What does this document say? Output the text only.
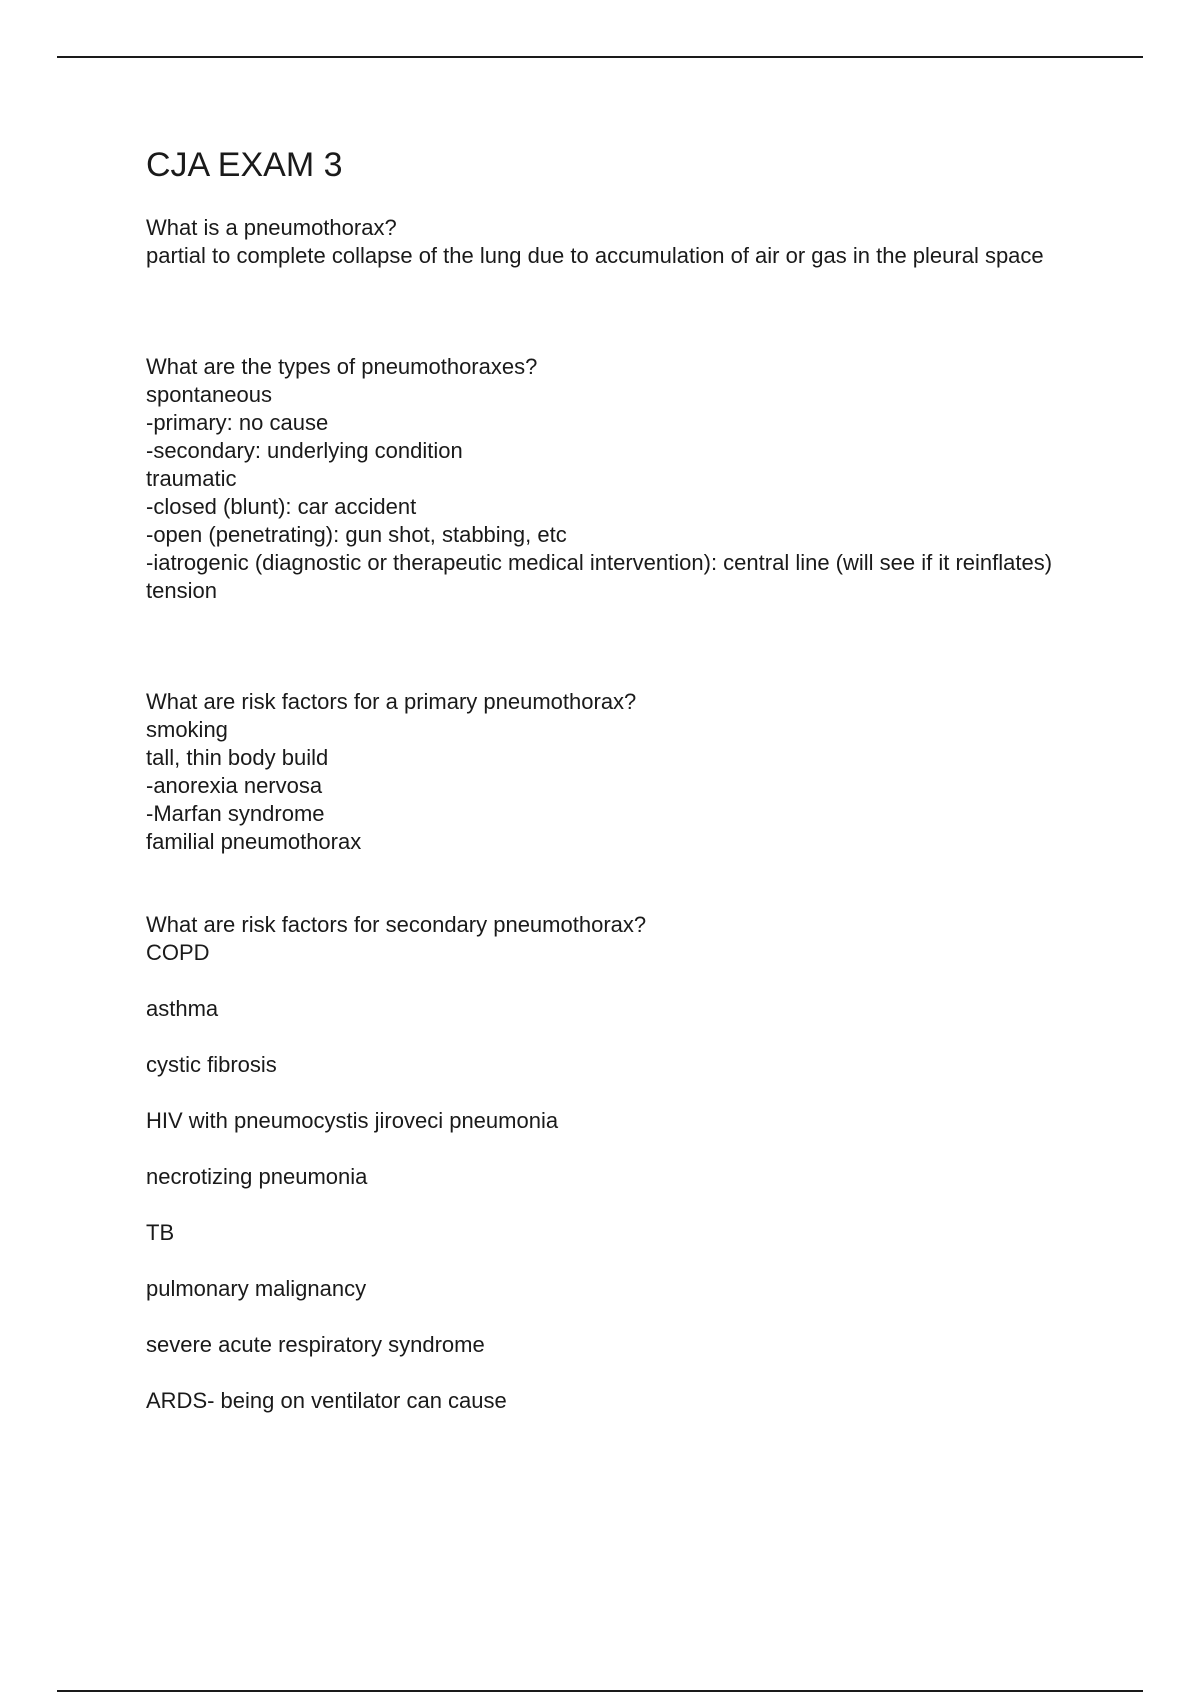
CJA EXAM 3
What is a pneumothorax?
partial to complete collapse of the lung due to accumulation of air or gas in the pleural space
What are the types of pneumothoraxes?
spontaneous
-primary: no cause
-secondary: underlying condition
traumatic
-closed (blunt): car accident
-open (penetrating): gun shot, stabbing, etc
-iatrogenic (diagnostic or therapeutic medical intervention): central line (will see if it reinflates)
tension
What are risk factors for a primary pneumothorax?
smoking
tall, thin body build
-anorexia nervosa
-Marfan syndrome
familial pneumothorax
What are risk factors for secondary pneumothorax?
COPD
asthma
cystic fibrosis
HIV with pneumocystis jiroveci pneumonia
necrotizing pneumonia
TB
pulmonary malignancy
severe acute respiratory syndrome
ARDS- being on ventilator can cause
